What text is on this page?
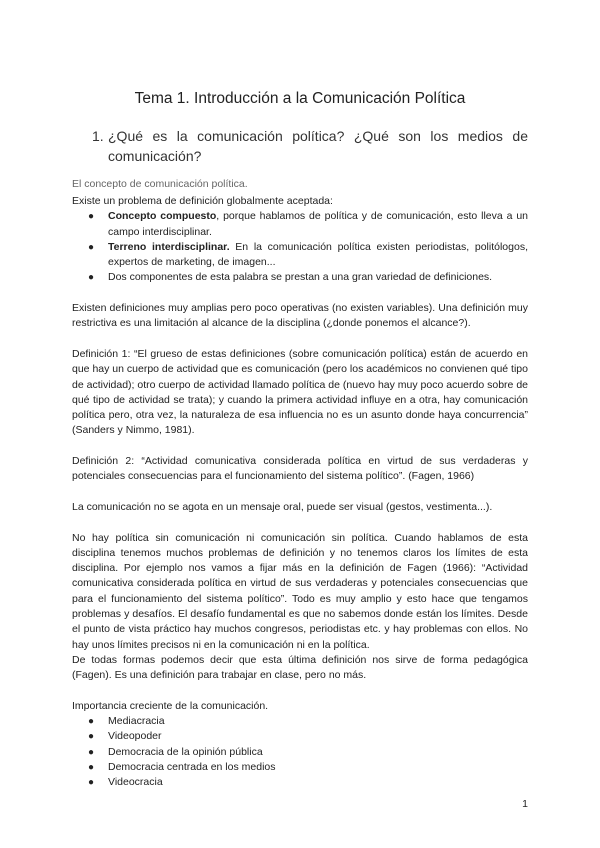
Tema 1. Introducción a la Comunicación Política
1. ¿Qué es la comunicación política? ¿Qué son los medios de comunicación?
El concepto de comunicación política.

Existe un problema de definición globalmente aceptada:

● Concepto compuesto, porque hablamos de política y de comunicación, esto lleva a un campo interdisciplinar.
● Terreno interdisciplinar. En la comunicación política existen periodistas, politólogos, expertos de marketing, de imagen...
● Dos componentes de esta palabra se prestan a una gran variedad de definiciones.

Existen definiciones muy amplias pero poco operativas (no existen variables). Una definición muy restrictiva es una limitación al alcance de la disciplina (¿donde ponemos el alcance?).

Definición 1: “El grueso de estas definiciones (sobre comunicación política) están de acuerdo en que hay un cuerpo de actividad que es comunicación (pero los académicos no convienen qué tipo de actividad); otro cuerpo de actividad llamado política de (nuevo hay muy poco acuerdo sobre de qué tipo de actividad se trata); y cuando la primera actividad influye en a otra, hay comunicación política pero, otra vez, la naturaleza de esa influencia no es un asunto donde haya concurrencia” (Sanders y Nimmo, 1981).

Definición 2: “Actividad comunicativa considerada política en virtud de sus verdaderas y potenciales consecuencias para el funcionamiento del sistema político”. (Fagen, 1966)

La comunicación no se agota en un mensaje oral, puede ser visual (gestos, vestimenta...).

No hay política sin comunicación ni comunicación sin política. Cuando hablamos de esta disciplina tenemos muchos problemas de definición y no tenemos claros los límites de esta disciplina. Por ejemplo nos vamos a fijar más en la definición de Fagen (1966): “Actividad comunicativa considerada política en virtud de sus verdaderas y potenciales consecuencias que para el funcionamiento del sistema político”. Todo es muy amplio y esto hace que tengamos problemas y desafíos. El desafío fundamental es que no sabemos donde están los límites. Desde el punto de vista práctico hay muchos congresos, periodistas etc. y hay problemas con ellos. No hay unos límites precisos ni en la comunicación ni en la política.

De todas formas podemos decir que esta última definición nos sirve de forma pedagógica (Fagen). Es una definición para trabajar en clase, pero no más.

Importancia creciente de la comunicación.

● Mediacracia
● Videopoder
● Democracia de la opinión pública
● Democracia centrada en los medios
● Videocracia
1
